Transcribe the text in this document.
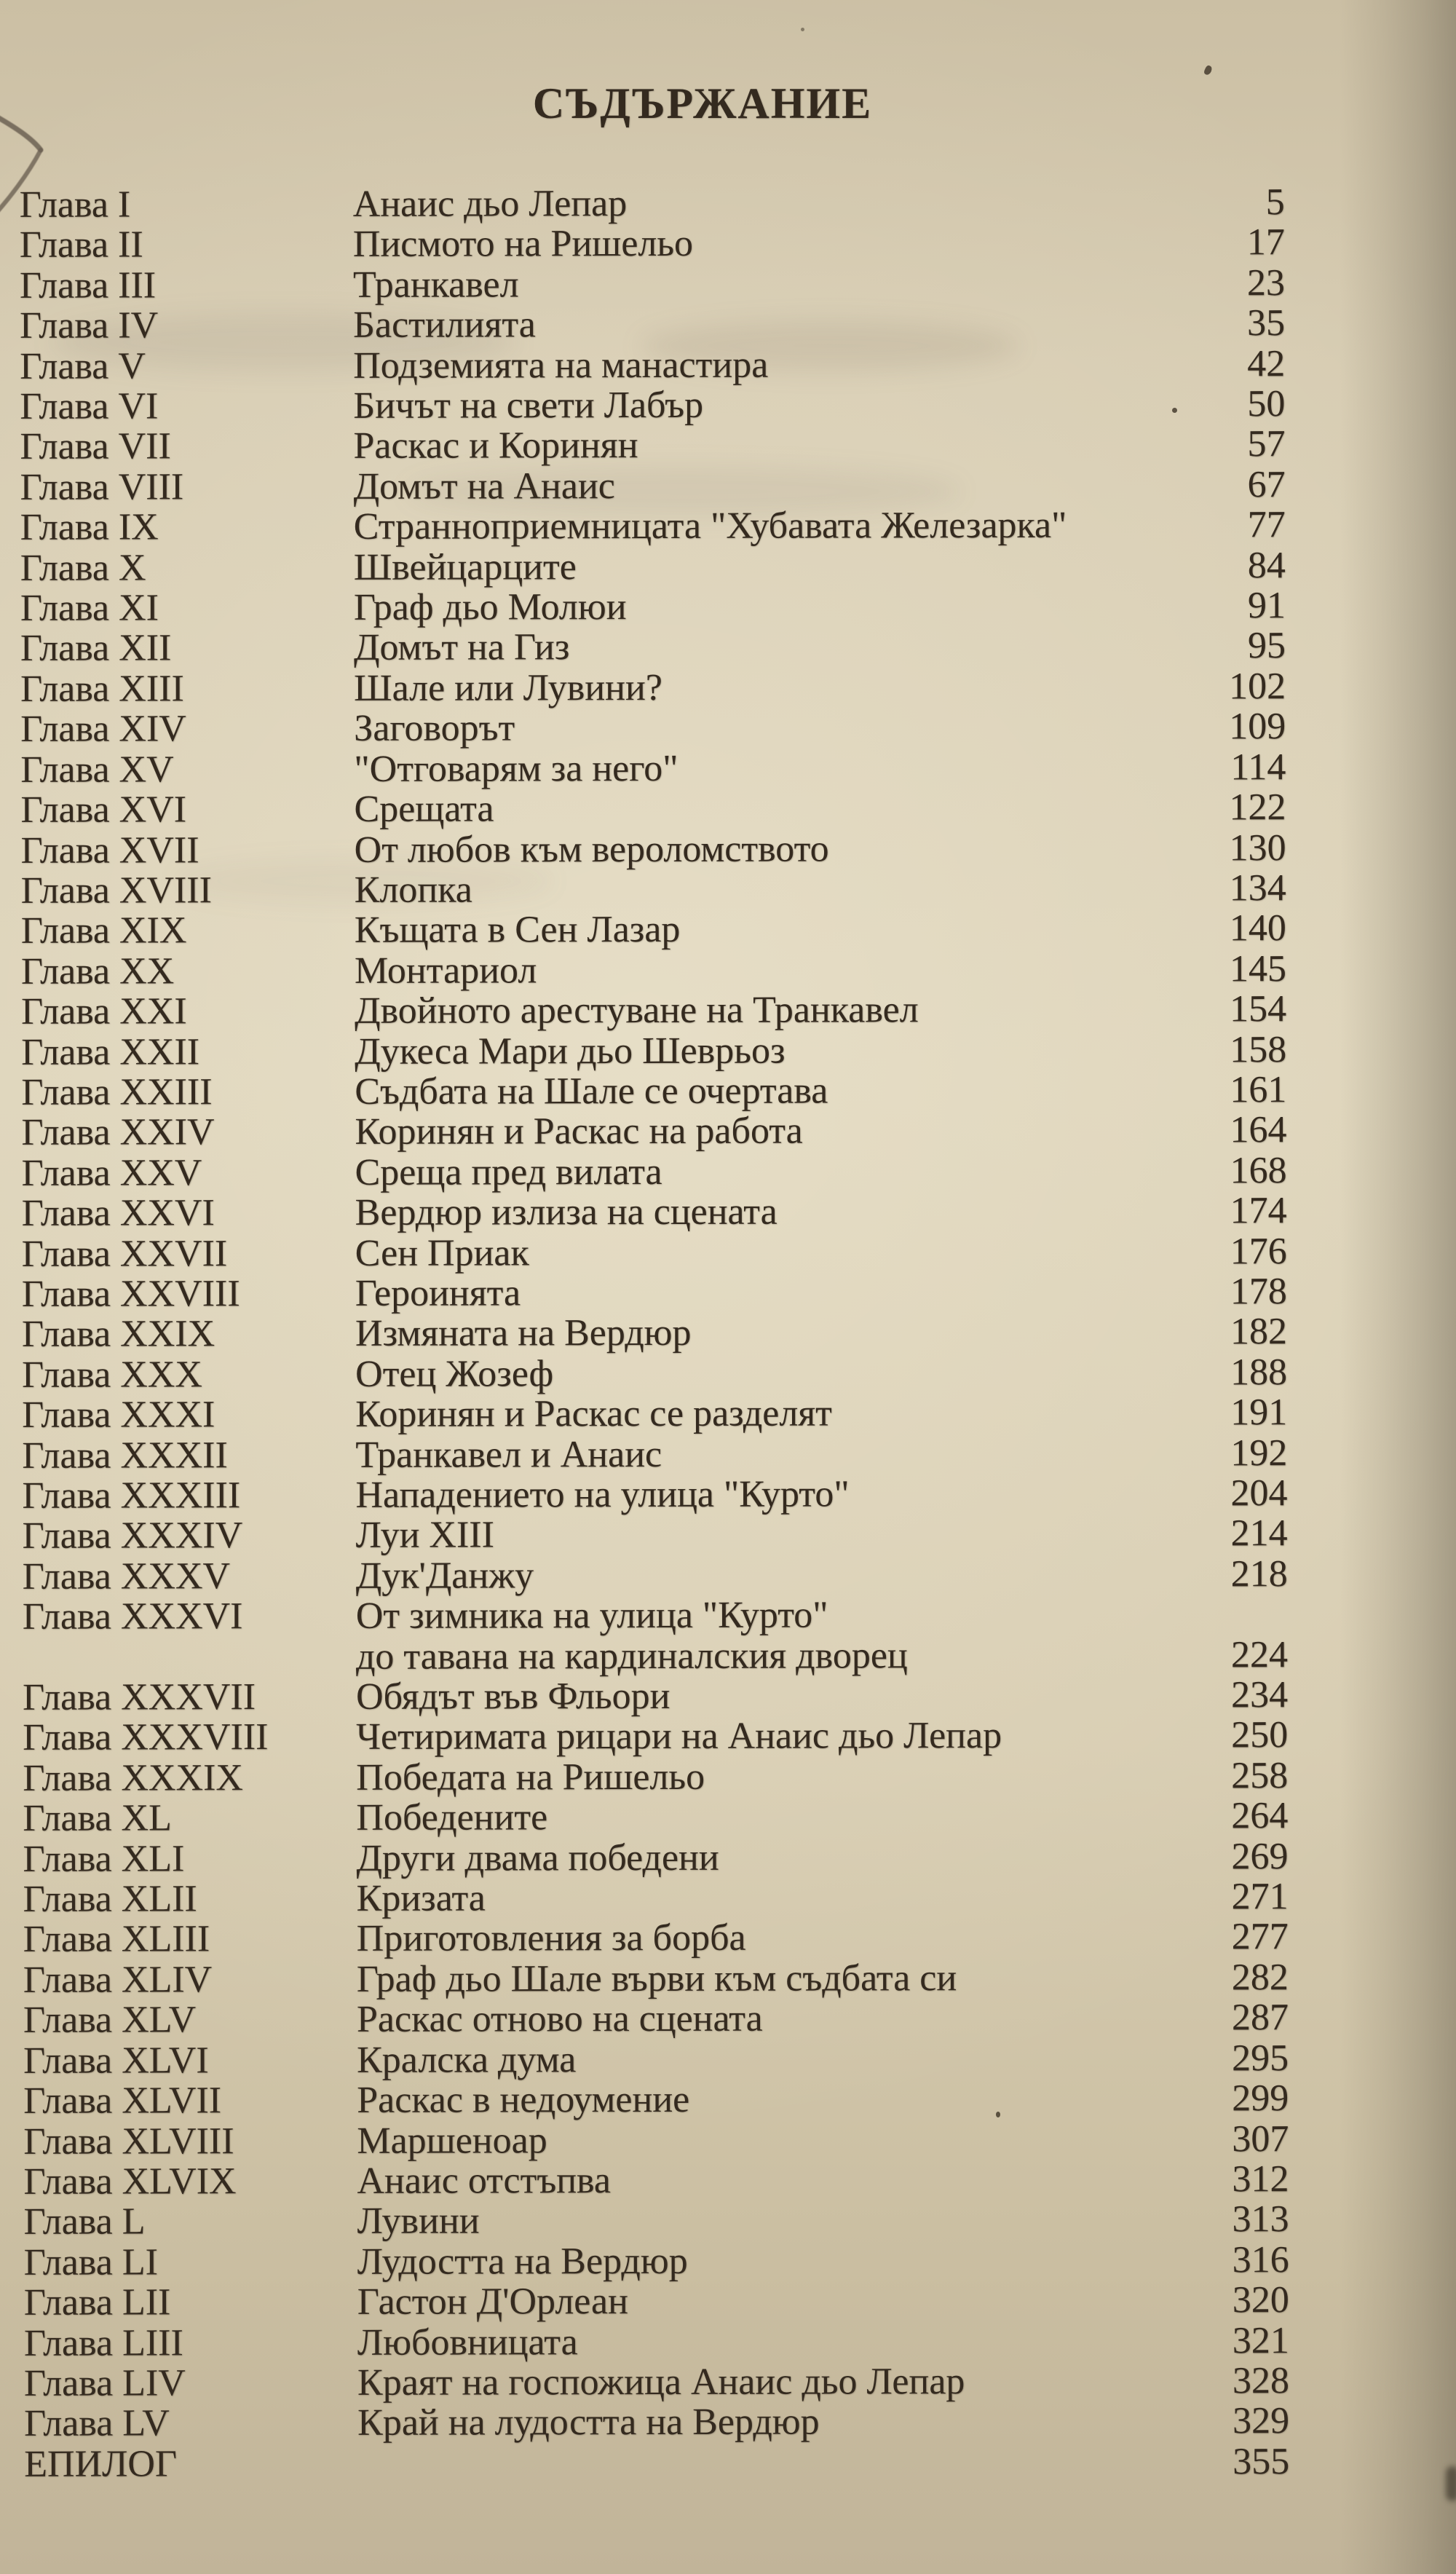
СЪДЪРЖАНИЕ
Глава I	Анаис дьо Лепар	5
Глава II	Писмото на Ришельо	17
Глава III	Транкавел	23
Глава IV	Бастилията	35
Глава V	Подземията на манастира	42
Глава VI	Бичът на свети Лабър	50
Глава VII	Раскас и Коринян	57
Глава VIII	Домът на Анаис	67
Глава IX	Странноприемницата "Хубавата Железарка"	77
Глава X	Швейцарците	84
Глава XI	Граф дьо Молюи	91
Глава XII	Домът на Гиз	95
Глава XIII	Шале или Лувини?	102
Глава XIV	Заговорът	109
Глава XV	"Отговарям за него"	114
Глава XVI	Срещата	122
Глава XVII	От любов към вероломството	130
Глава XVIII	Клопка	134
Глава XIX	Къщата в Сен Лазар	140
Глава XX	Монтариол	145
Глава XXI	Двойното арестуване на Транкавел	154
Глава XXII	Дукеса Мари дьо Шеврьоз	158
Глава XXIII	Съдбата на Шале се очертава	161
Глава XXIV	Коринян и Раскас на работа	164
Глава XXV	Среща пред вилата	168
Глава XXVI	Вердюр излиза на сцената	174
Глава XXVII	Сен Приак	176
Глава XXVIII	Героинята	178
Глава XXIX	Измяната на Вердюр	182
Глава XXX	Отец Жозеф	188
Глава XXXI	Коринян и Раскас се разделят	191
Глава XXXII	Транкавел и Анаис	192
Глава XXXIII	Нападението на улица "Курто"	204
Глава XXXIV	Луи XIII	214
Глава XXXV	Дук'Данжу	218
Глава XXXVI	От зимника на улица "Курто"
до тавана на кардиналския дворец	224
Глава XXXVII	Обядът във Фльори	234
Глава XXXVIII	Четиримата рицари на Анаис дьо Лепар	250
Глава XXXIX	Победата на Ришельо	258
Глава XL	Победените	264
Глава XLI	Други двама победени	269
Глава XLII	Кризата	271
Глава XLIII	Приготовления за борба	277
Глава XLIV	Граф дьо Шале върви към съдбата си	282
Глава XLV	Раскас отново на сцената	287
Глава XLVI	Кралска дума	295
Глава XLVII	Раскас в недоумение	299
Глава XLVIII	Маршеноар	307
Глава XLVIX	Анаис отстъпва	312
Глава L	Лувини	313
Глава LI	Лудостта на Вердюр	316
Глава LII	Гастон Д'Орлеан	320
Глава LIII	Любовницата	321
Глава LIV	Краят на госпожица Анаис дьо Лепар	328
Глава LV	Край на лудостта на Вердюр	329
ЕПИЛОГ	355
